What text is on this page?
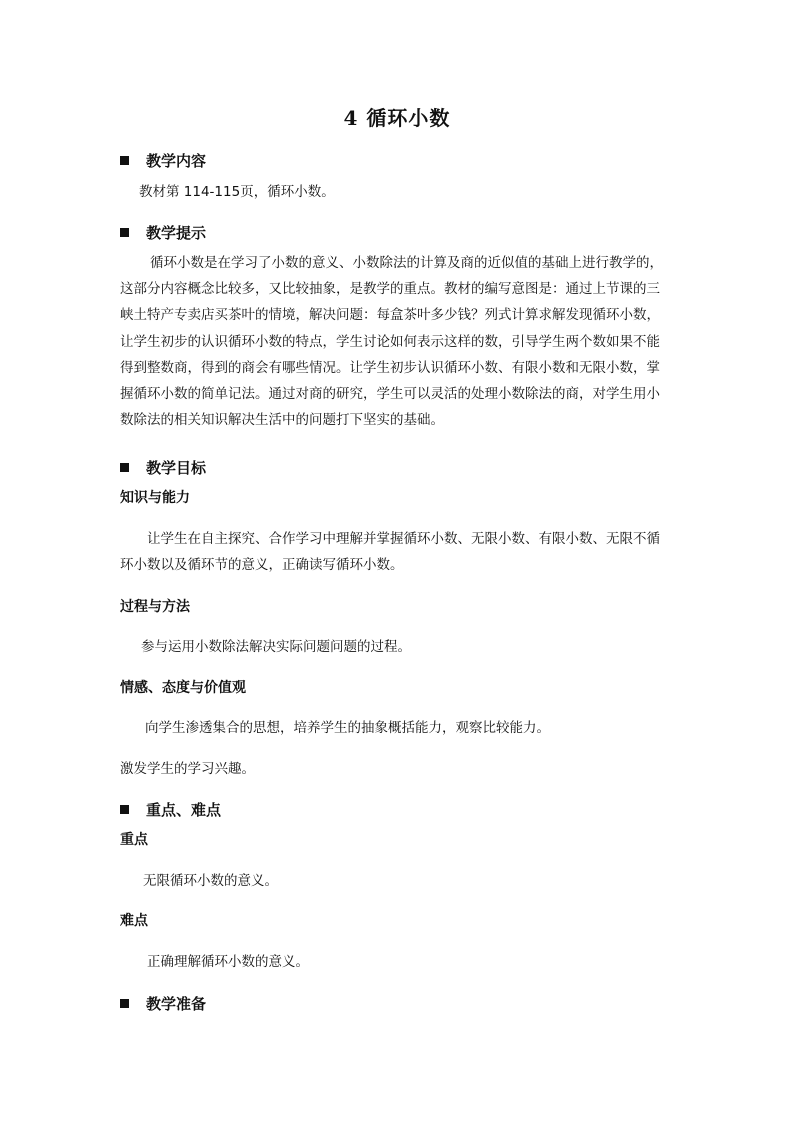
4 循环小数
教学内容
教材第 114-115页，循环小数。
教学提示
循环小数是在学习了小数的意义、小数除法的计算及商的近似值的基础上进行教学的，
这部分内容概念比较多，又比较抽象，是教学的重点。教材的编写意图是：通过上节课的三
峡土特产专卖店买茶叶的情境，解决问题：每盒茶叶多少钱？列式计算求解发现循环小数，
让学生初步的认识循环小数的特点，学生讨论如何表示这样的数，引导学生两个数如果不能
得到整数商，得到的商会有哪些情况。让学生初步认识循环小数、有限小数和无限小数，掌
握循环小数的简单记法。通过对商的研究，学生可以灵活的处理小数除法的商，对学生用小
数除法的相关知识解决生活中的问题打下坚实的基础。
教学目标
知识与能力
让学生在自主探究、合作学习中理解并掌握循环小数、无限小数、有限小数、无限不循
环小数以及循环节的意义，正确读写循环小数。
过程与方法
参与运用小数除法解决实际问题问题的过程。
情感、态度与价值观
向学生渗透集合的思想，培养学生的抽象概括能力，观察比较能力。
激发学生的学习兴趣。
重点、难点
重点
无限循环小数的意义。
难点
正确理解循环小数的意义。
教学准备
